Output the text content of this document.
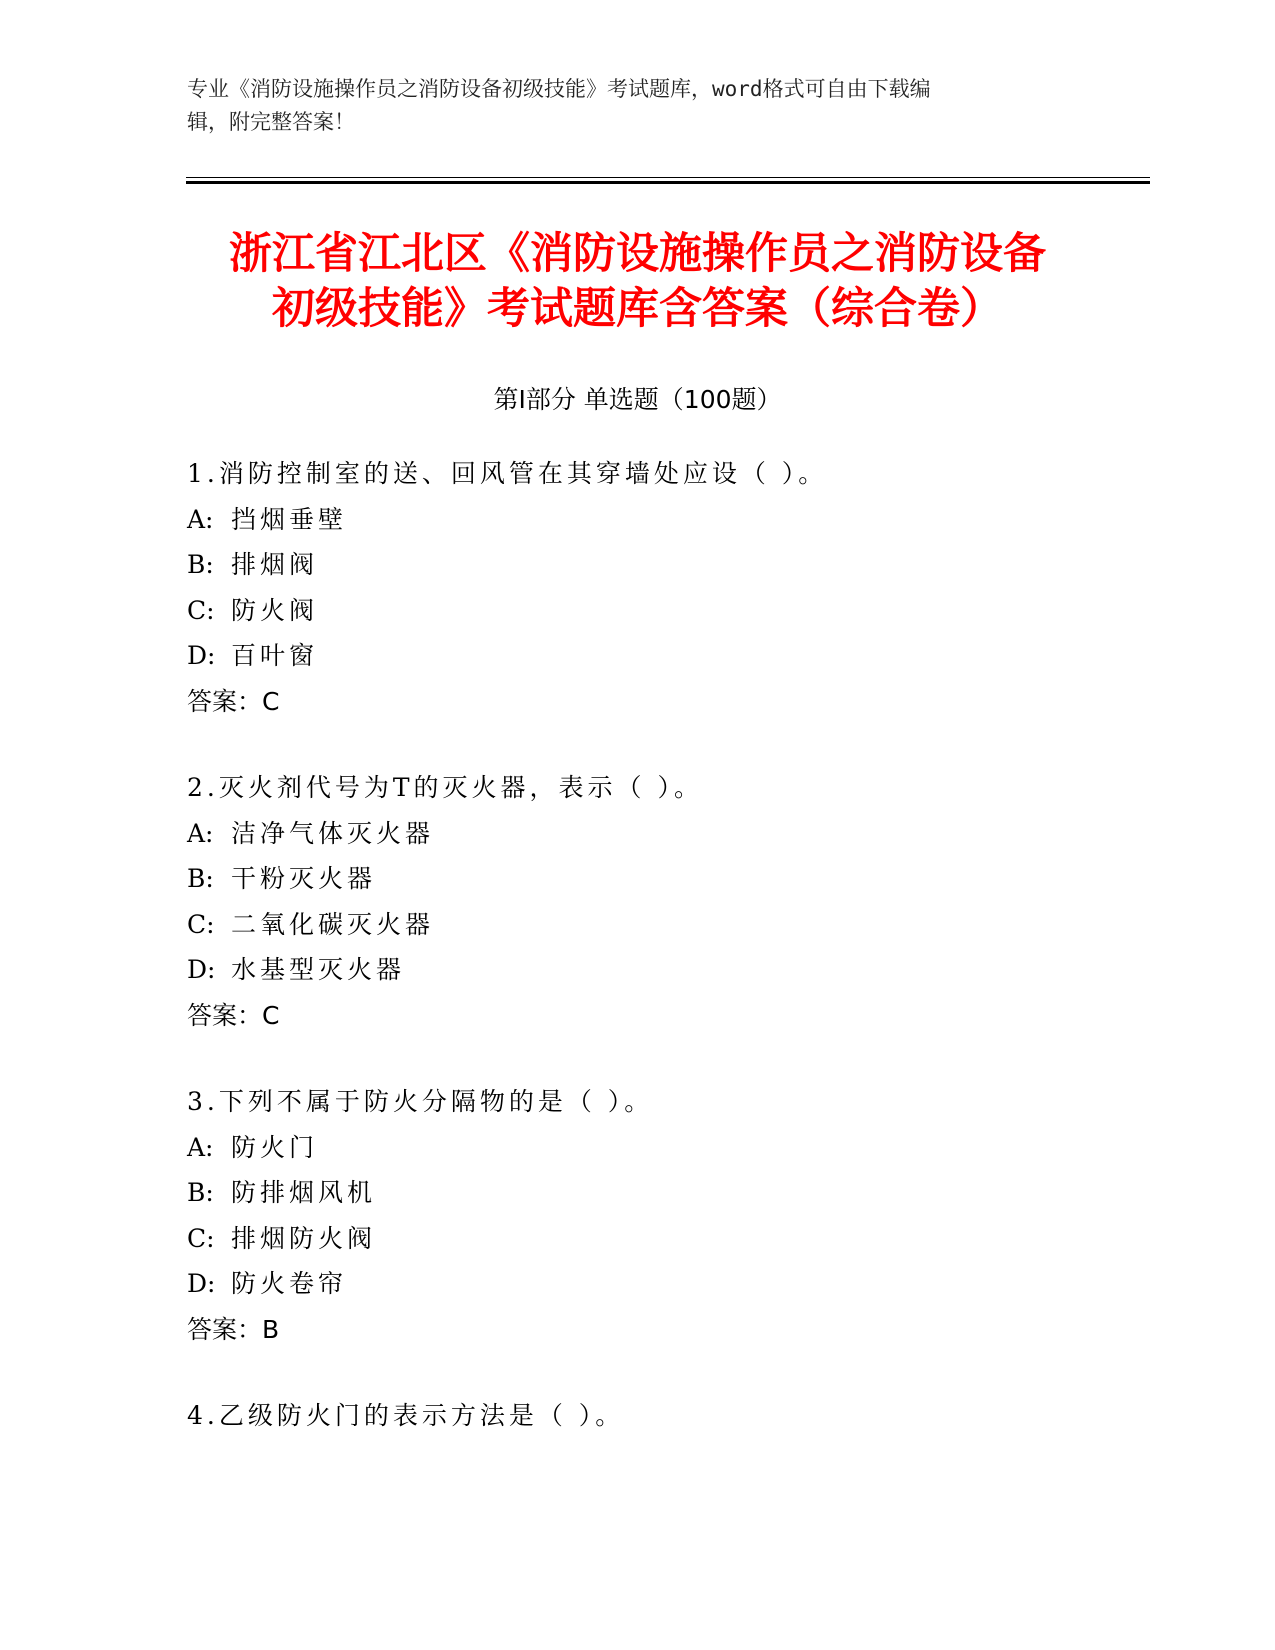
专业《消防设施操作员之消防设备初级技能》考试题库，word格式可自由下载编
辑，附完整答案！
浙江省江北区《消防设施操作员之消防设备
初级技能》考试题库含答案（综合卷）
第Ⅰ部分 单选题（100题）
1.消防控制室的送、回风管在其穿墙处应设（ ）。
A: 挡烟垂壁
B: 排烟阀
C: 防火阀
D: 百叶窗
答案：C
2.灭火剂代号为T的灭火器，表示（ ）。
A: 洁净气体灭火器
B: 干粉灭火器
C: 二氧化碳灭火器
D: 水基型灭火器
答案：C
3.下列不属于防火分隔物的是（ ）。
A: 防火门
B: 防排烟风机
C: 排烟防火阀
D: 防火卷帘
答案：B
4.乙级防火门的表示方法是（ ）。
